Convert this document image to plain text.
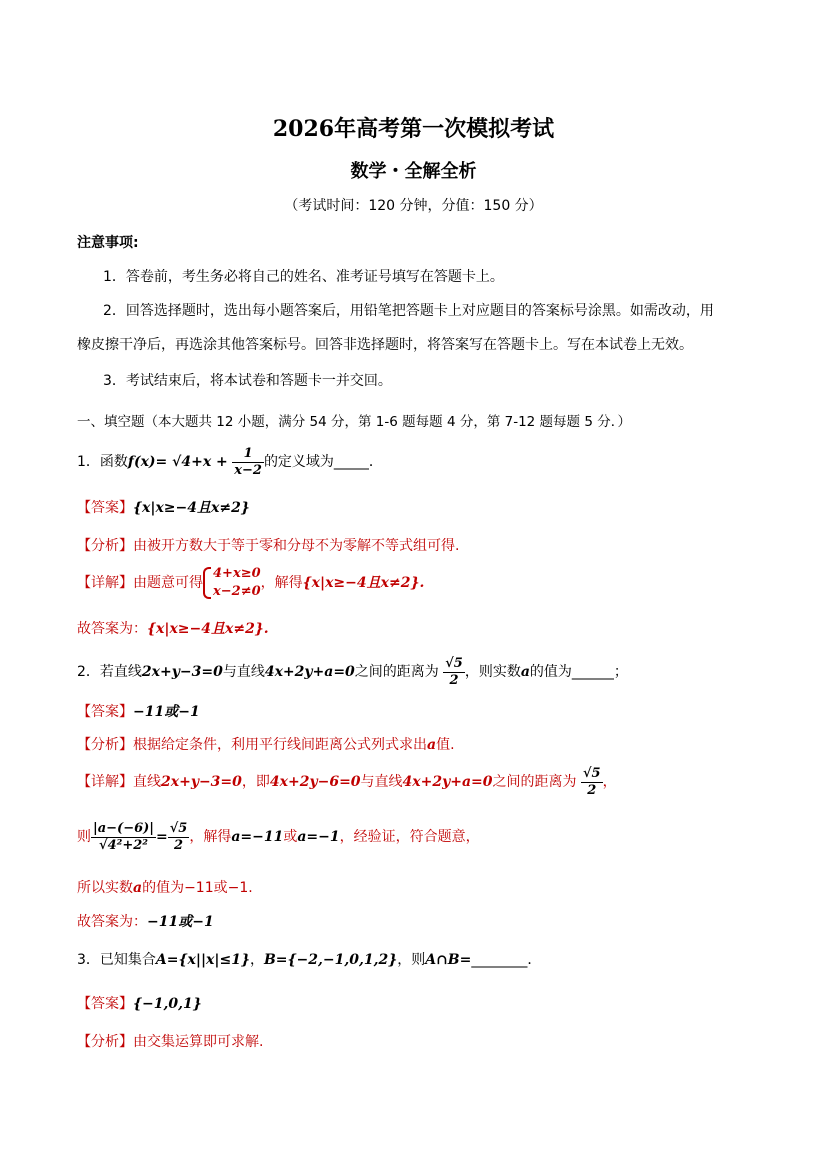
2026年高考第一次模拟考试
数学・全解全析
（考试时间：120 分钟，分值：150 分）
注意事项:
1．答卷前，考生务必将自己的姓名、准考证号填写在答题卡上。
2．回答选择题时，选出每小题答案后，用铅笔把答题卡上对应题目的答案标号涂黑。如需改动，用
橡皮擦干净后，再选涂其他答案标号。回答非选择题时，将答案写在答题卡上。写在本试卷上无效。
3．考试结束后，将本试卷和答题卡一并交回。
一、填空题（本大题共 12 小题，满分 54 分，第 1-6 题每题 4 分，第 7-12 题每题 5 分．）
1．函数$f(x)= √4+x + \frac{1}{x-2}$ 的定义域为_____．
【答案】{x|x≥−4且x≠2}
【分析】由被开方数大于等于零和分母不为零解不等式组可得.
【详解】由题意可得
4+x≥0
x−2≠0
，解得{x|x≥−4且x≠2}.
故答案为：{x|x≥−4且x≠2}.
2．若直线2x+y−3=0与直线4x+2y+a=0之间的距离为 $\frac{√5}{2}$ ，则实数a的值为______；
【答案】−11或−1
【分析】根据给定条件，利用平行线间距离公式列式求出a值.
【详解】直线2x+y−3=0，即4x+2y−6=0与直线4x+2y+a=0之间的距离为 $\frac{√5}{2}$ ，
则 $\frac{|a-(-6)|}{\text{√4²+2²}} = \frac{√5}{2}$ ，解得a=−11或a=−1，经验证，符合题意，
所以实数a的值为−11或−1.
故答案为：−11或−1
3．已知集合A={x||x|≤1}，B={−2,−1,0,1,2}，则A∩B=________．
【答案】{−1,0,1}
【分析】由交集运算即可求解.
